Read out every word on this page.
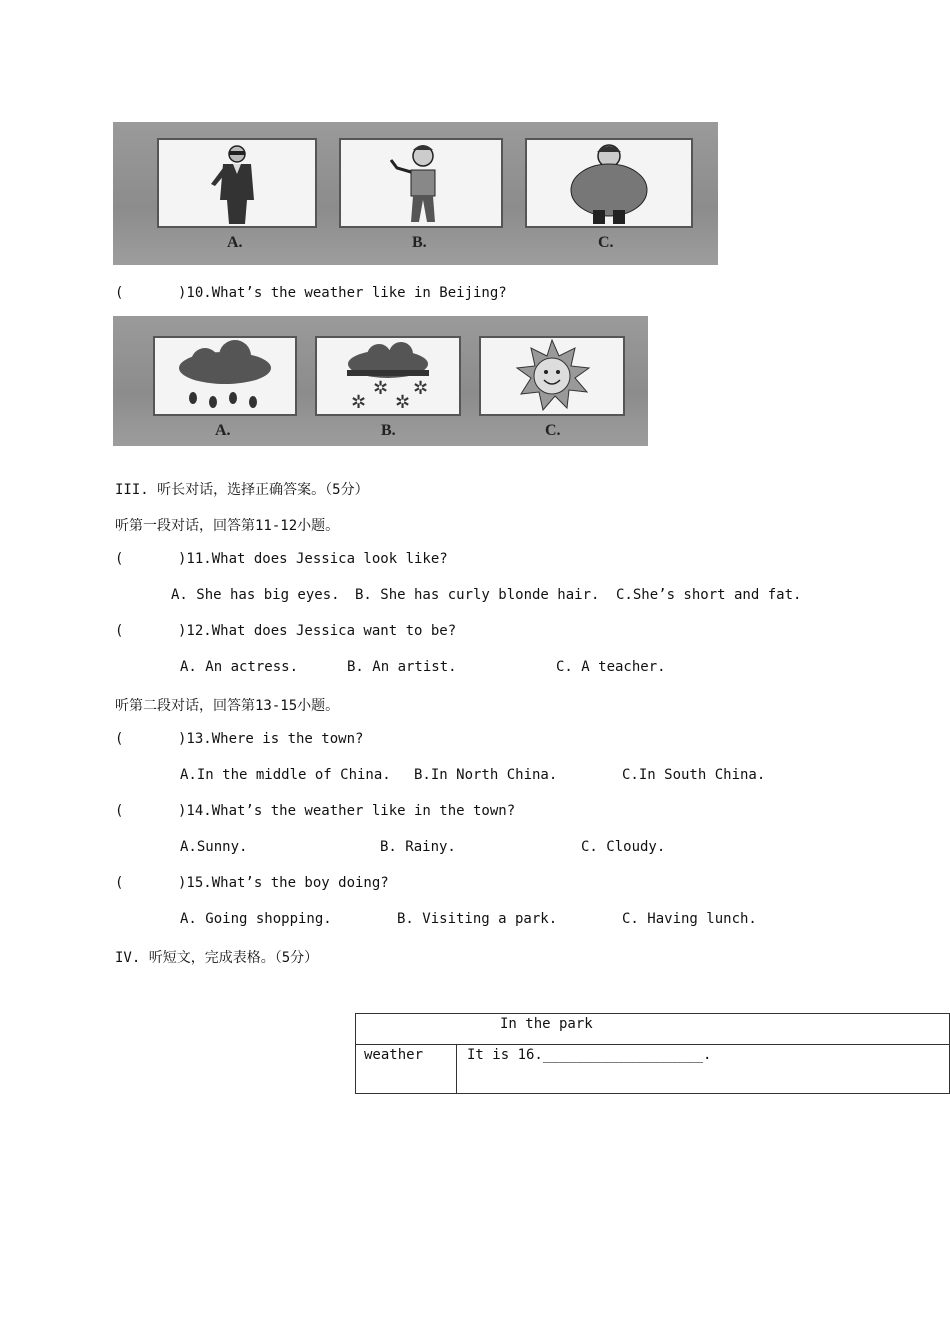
A.	B.	C.
(	)10.What’s the weather like in Beijing?
A.
✲
✲
✲
✲
B.	C.
III. 听长对话，选择正确答案。（5分）
听第一段对话，回答第11-12小题。
(	)11.What does Jessica look like?
A. She has big eyes. B. She has curly blonde hair. C.She’s short and fat.
(	)12.What does Jessica want to be?
A. An actress.	B. An artist.	C. A teacher.
听第二段对话，回答第13-15小题。
(	)13.Where is the town?
A.In the middle of China. B.In North China.	C.In South China.
(	)14.What’s the weather like in the town?
A.Sunny.	B. Rainy.	C. Cloudy.
(	)15.What’s the boy doing?
A. Going shopping.	B. Visiting a park.	C. Having lunch.
IV. 听短文，完成表格。（5分）
In the park

weather	It is 16.___________________.
